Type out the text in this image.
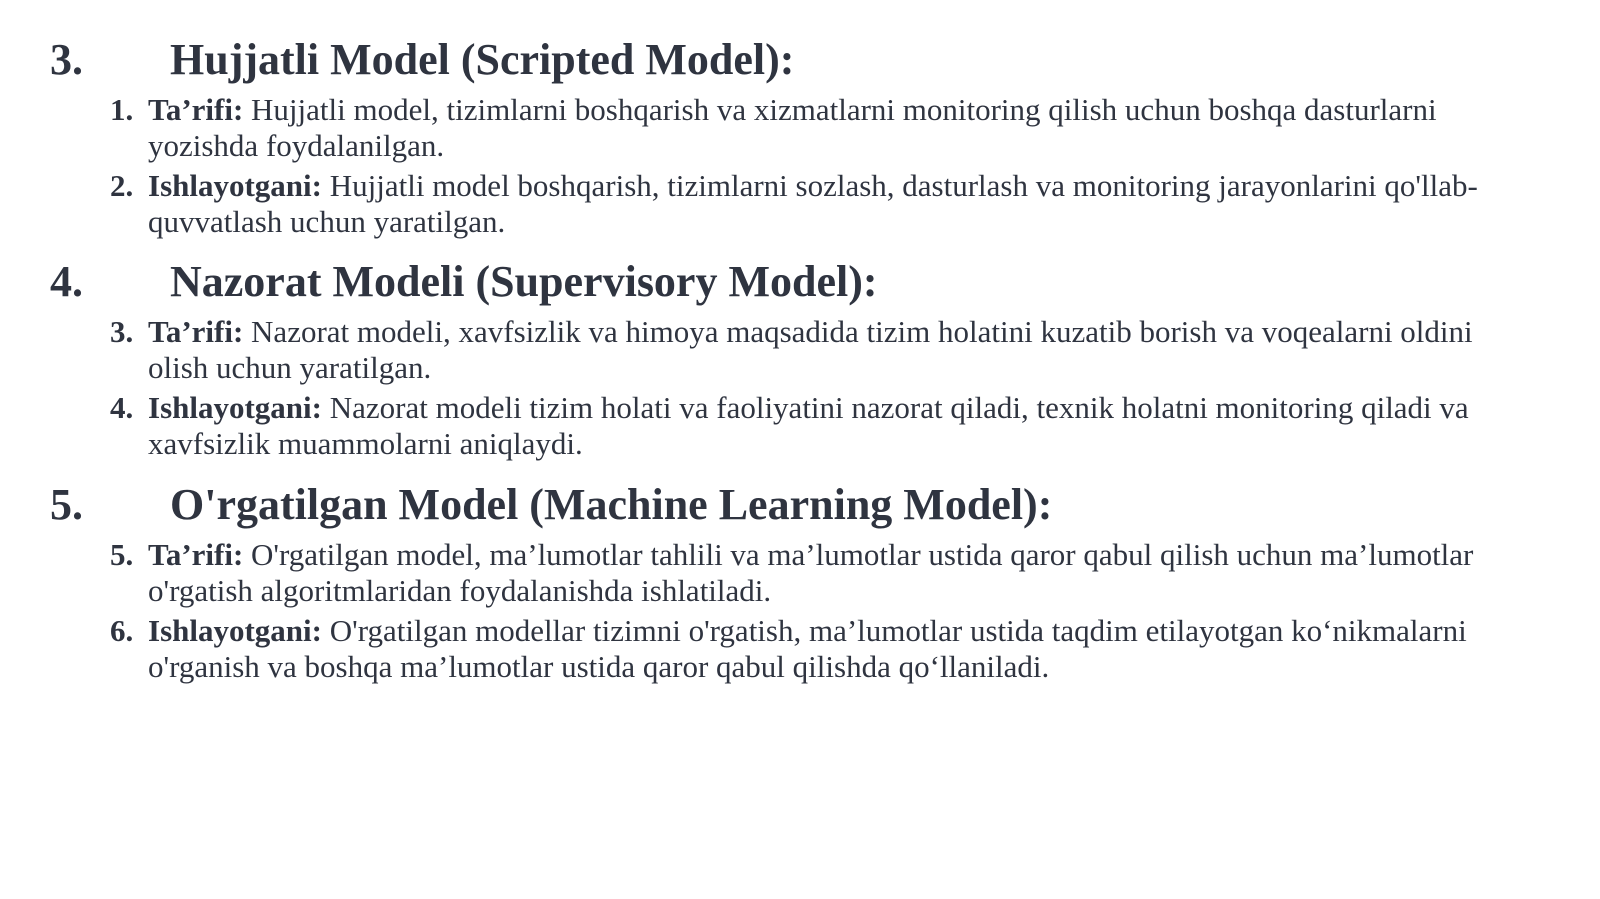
3. Hujjatli Model (Scripted Model):
1. Ta’rifi: Hujjatli model, tizimlarni boshqarish va xizmatlarni monitoring qilish uchun boshqa dasturlarni yozishda foydalanilgan.
2. Ishlayotgani: Hujjatli model boshqarish, tizimlarni sozlash, dasturlash va monitoring jarayonlarini qo'llab-quvvatlash uchun yaratilgan.
4. Nazorat Modeli (Supervisory Model):
3. Ta’rifi: Nazorat modeli, xavfsizlik va himoya maqsadida tizim holatini kuzatib borish va voqealarni oldini olish uchun yaratilgan.
4. Ishlayotgani: Nazorat modeli tizim holati va faoliyatini nazorat qiladi, texnik holatni monitoring qiladi va xavfsizlik muammolarni aniqlaydi.
5. O'rgatilgan Model (Machine Learning Model):
5. Ta’rifi: O'rgatilgan model, ma’lumotlar tahlili va ma’lumotlar ustida qaror qabul qilish uchun ma’lumotlar o'rgatish algoritmlaridan foydalanishda ishlatiladi.
6. Ishlayotgani: O'rgatilgan modellar tizimni o'rgatish, ma’lumotlar ustida taqdim etilayotgan ko‘nikmalarni o'rganish va boshqa ma’lumotlar ustida qaror qabul qilishda qo‘llaniladi.
